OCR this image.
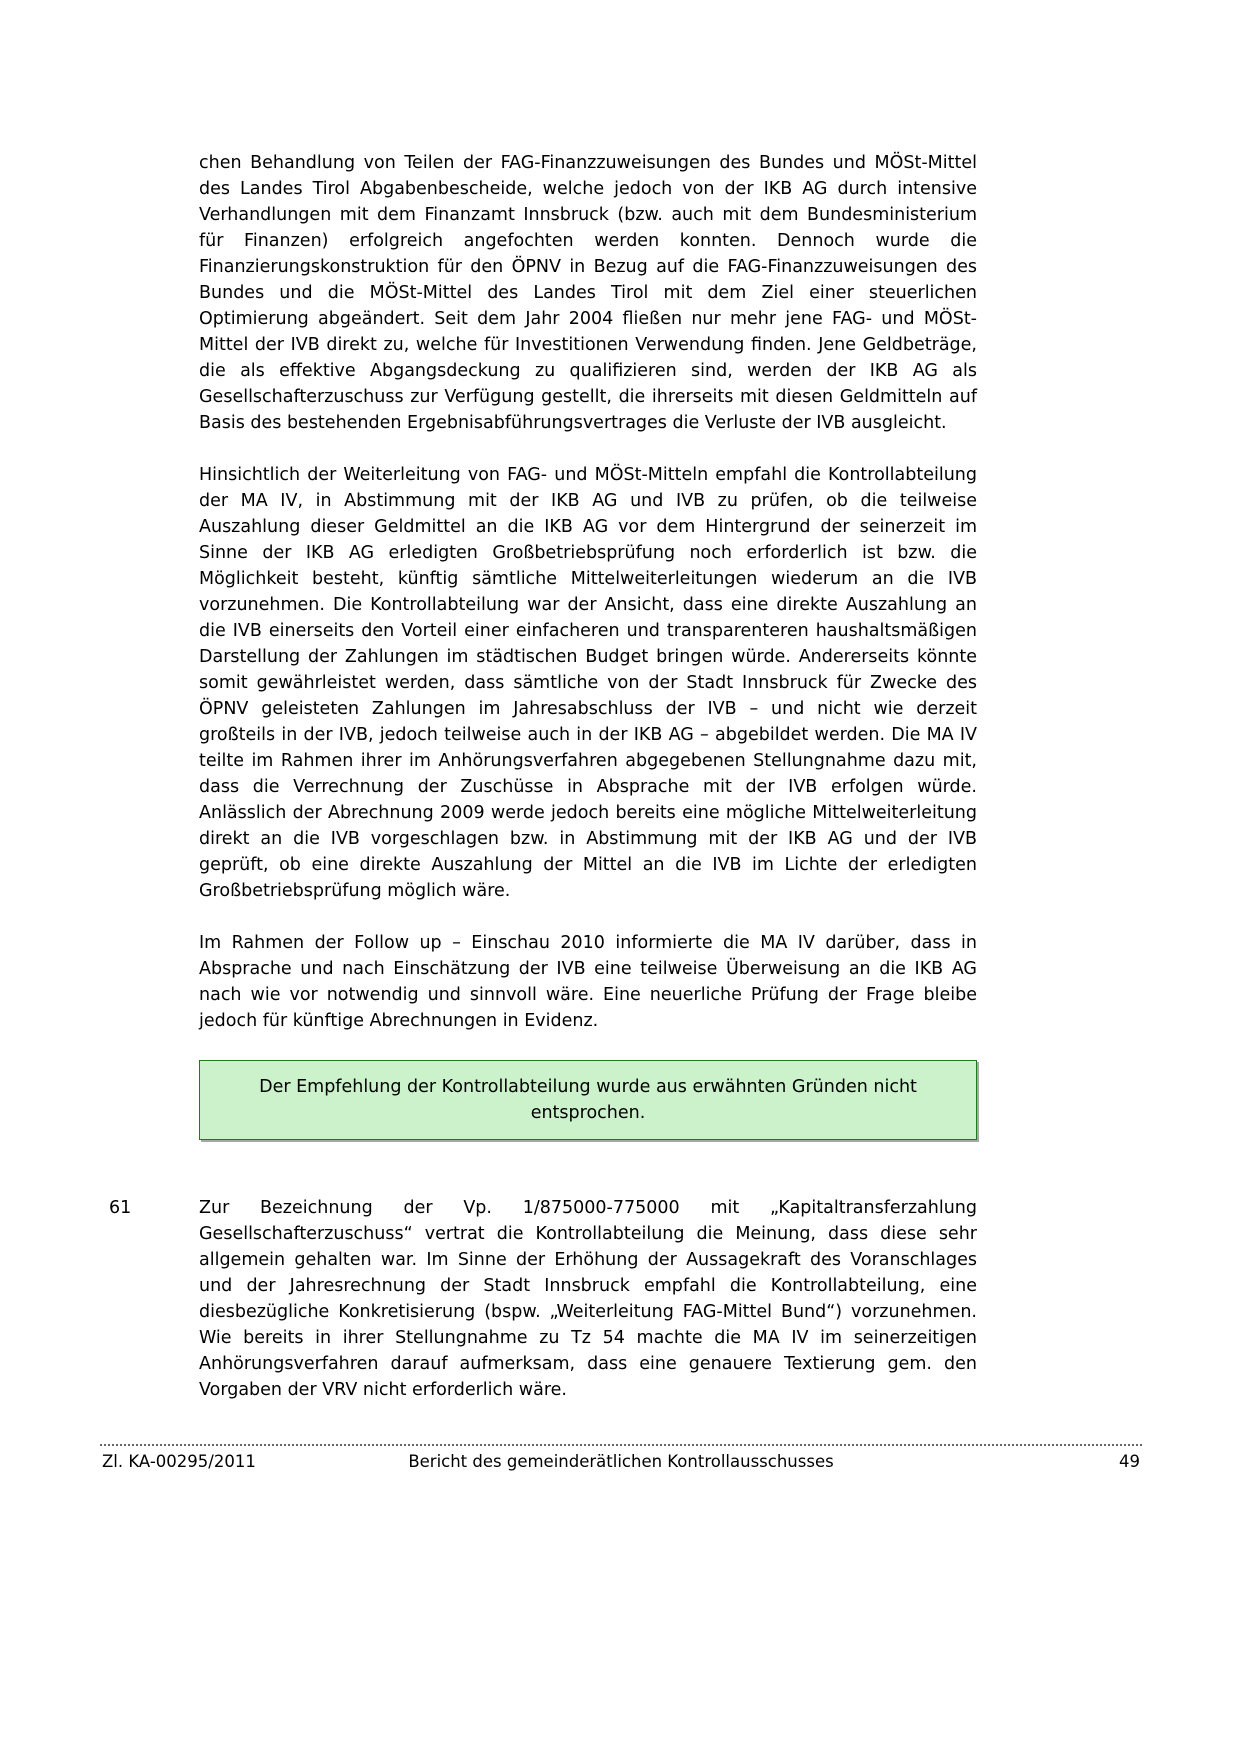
chen Behandlung von Teilen der FAG-Finanzzuweisungen des Bundes und MÖSt-Mittel des Landes Tirol Abgabenbescheide, welche jedoch von der IKB AG durch intensive Verhandlungen mit dem Finanzamt Innsbruck (bzw. auch mit dem Bundesministerium für Finanzen) erfolgreich angefochten werden konnten. Dennoch wurde die Finanzierungskonstruktion für den ÖPNV in Bezug auf die FAG-Finanzzuweisungen des Bundes und die MÖSt-Mittel des Landes Tirol mit dem Ziel einer steuerlichen Optimierung abgeändert. Seit dem Jahr 2004 fließen nur mehr jene FAG- und MÖSt-Mittel der IVB direkt zu, welche für Investitionen Verwendung finden. Jene Geldbeträge, die als effektive Abgangsdeckung zu qualifizieren sind, werden der IKB AG als Gesellschafterzuschuss zur Verfügung gestellt, die ihrerseits mit diesen Geldmitteln auf Basis des bestehenden Ergebnisabführungsvertrages die Verluste der IVB ausgleicht.

Hinsichtlich der Weiterleitung von FAG- und MÖSt-Mitteln empfahl die Kontrollabteilung der MA IV, in Abstimmung mit der IKB AG und IVB zu prüfen, ob die teilweise Auszahlung dieser Geldmittel an die IKB AG vor dem Hintergrund der seinerzeit im Sinne der IKB AG erledigten Großbetriebsprüfung noch erforderlich ist bzw. die Möglichkeit besteht, künftig sämtliche Mittelweiterleitungen wiederum an die IVB vorzunehmen. Die Kontrollabteilung war der Ansicht, dass eine direkte Auszahlung an die IVB einerseits den Vorteil einer einfacheren und transparenteren haushaltsmäßigen Darstellung der Zahlungen im städtischen Budget bringen würde. Andererseits könnte somit gewährleistet werden, dass sämtliche von der Stadt Innsbruck für Zwecke des ÖPNV geleisteten Zahlungen im Jahresabschluss der IVB – und nicht wie derzeit großteils in der IVB, jedoch teilweise auch in der IKB AG – abgebildet werden. Die MA IV teilte im Rahmen ihrer im Anhörungsverfahren abgegebenen Stellungnahme dazu mit, dass die Verrechnung der Zuschüsse in Absprache mit der IVB erfolgen würde. Anlässlich der Abrechnung 2009 werde jedoch bereits eine mögliche Mittelweiterleitung direkt an die IVB vorgeschlagen bzw. in Abstimmung mit der IKB AG und der IVB geprüft, ob eine direkte Auszahlung der Mittel an die IVB im Lichte der erledigten Großbetriebsprüfung möglich wäre.

Im Rahmen der Follow up – Einschau 2010 informierte die MA IV darüber, dass in Absprache und nach Einschätzung der IVB eine teilweise Überweisung an die IKB AG nach wie vor notwendig und sinnvoll wäre. Eine neuerliche Prüfung der Frage bleibe jedoch für künftige Abrechnungen in Evidenz.

Der Empfehlung der Kontrollabteilung wurde aus erwähnten Gründen nicht entsprochen.
61	Zur Bezeichnung der Vp. 1/875000-775000 mit „Kapitaltransferzahlung Gesellschafterzuschuss“ vertrat die Kontrollabteilung die Meinung, dass diese sehr allgemein gehalten war. Im Sinne der Erhöhung der Aussagekraft des Voranschlages und der Jahresrechnung der Stadt Innsbruck empfahl die Kontrollabteilung, eine diesbezügliche Konkretisierung (bspw. „Weiterleitung FAG-Mittel Bund“) vorzunehmen. Wie bereits in ihrer Stellungnahme zu Tz 54 machte die MA IV im seinerzeitigen Anhörungsverfahren darauf aufmerksam, dass eine genauere Textierung gem. den Vorgaben der VRV nicht erforderlich wäre.

Zl. KA-00295/2011	Bericht des gemeinderätlichen Kontrollausschusses	49
